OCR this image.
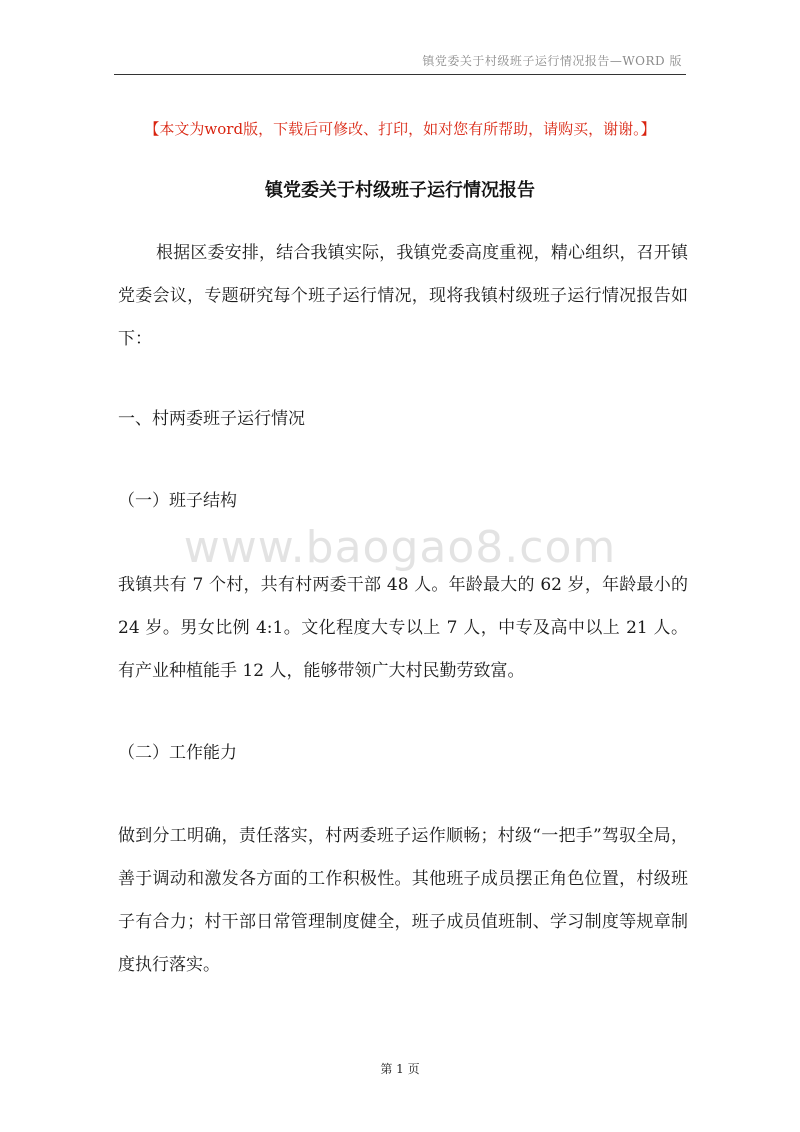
镇党委关于村级班子运行情况报告—WORD 版
【本文为word版，下载后可修改、打印，如对您有所帮助，请购买，谢谢。】
镇党委关于村级班子运行情况报告

根据区委安排，结合我镇实际，我镇党委高度重视，精心组织，召开镇党委会议，专题研究每个班子运行情况，现将我镇村级班子运行情况报告如下：

一、村两委班子运行情况

（一）班子结构

www.baogao8.com

我镇共有 7 个村，共有村两委干部 48 人。年龄最大的 62 岁，年龄最小的 24 岁。男女比例 4:1。文化程度大专以上 7 人，中专及高中以上 21 人。有产业种植能手 12 人，能够带领广大村民勤劳致富。

（二）工作能力

做到分工明确，责任落实，村两委班子运作顺畅；村级“一把手”驾驭全局，善于调动和激发各方面的工作积极性。其他班子成员摆正角色位置，村级班子有合力；村干部日常管理制度健全，班子成员值班制、学习制度等规章制度执行落实。

第 1 页
